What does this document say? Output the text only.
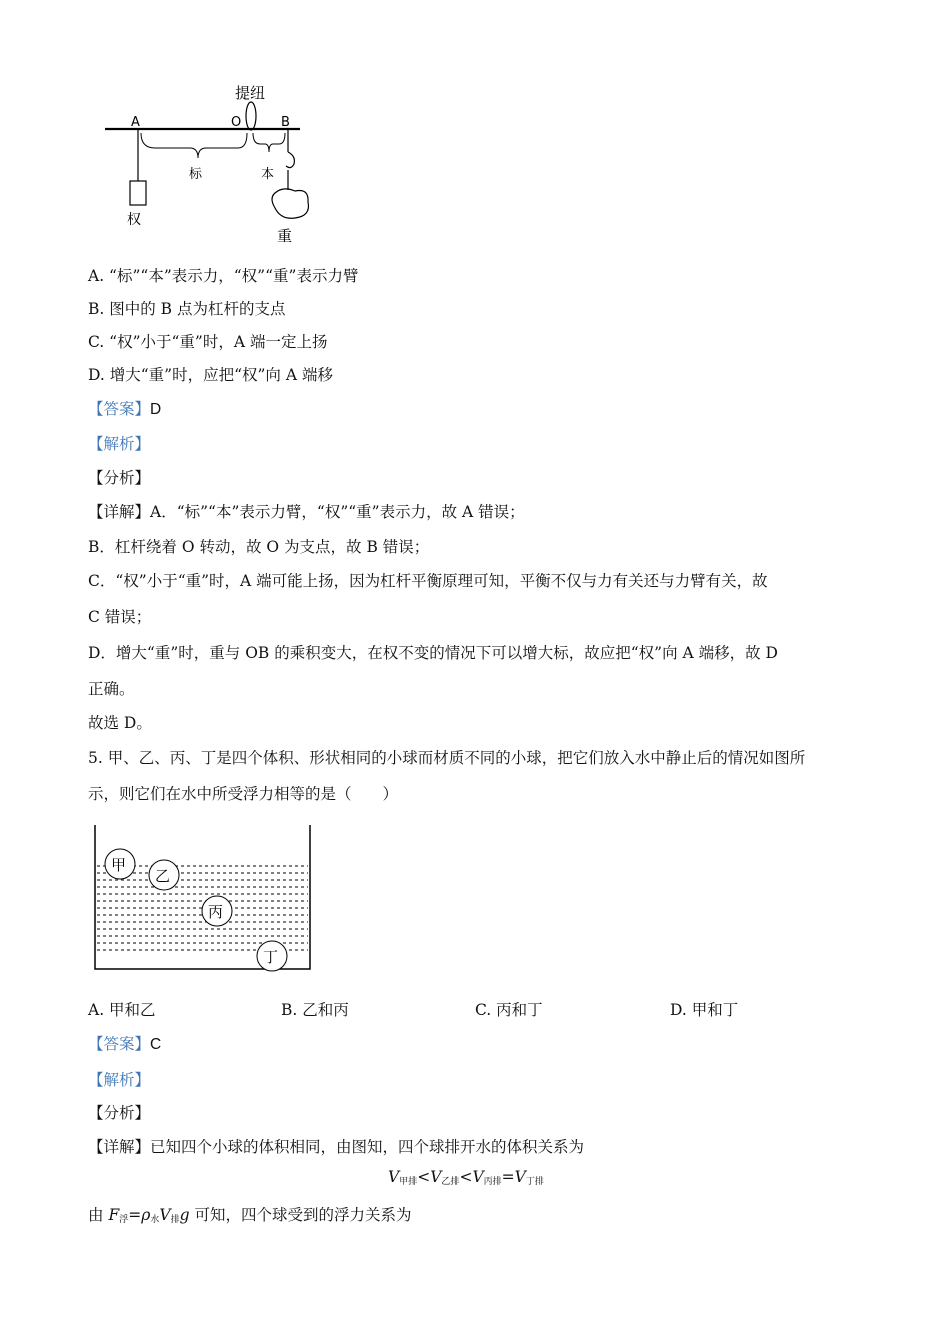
提纽
A	O	B
权
标	本
重
A. “标”“本”表示力，“权”“重”表示力臂
B. 图中的 B 点为杠杆的支点
C. “权”小于“重”时，A 端一定上扬
D. 增大“重”时，应把“权”向 A 端移
【答案】D
【解析】
【分析】
【详解】A．“标”“本”表示力臂，“权”“重”表示力，故 A 错误；
B．杠杆绕着 O 转动，故 O 为支点，故 B 错误；
C．“权”小于“重”时，A 端可能上扬，因为杠杆平衡原理可知，平衡不仅与力有关还与力臂有关，故
C 错误；
D．增大“重”时，重与 OB 的乘积变大，在权不变的情况下可以增大标，故应把“权”向 A 端移，故 D
正确。
故选 D。
5. 甲、乙、丙、丁是四个体积、形状相同的小球而材质不同的小球，把它们放入水中静止后的情况如图所
示，则它们在水中所受浮力相等的是（　　）
甲
乙
丙
丁
A. 甲和乙	B. 乙和丙	C. 丙和丁	D. 甲和丁
【答案】C
【解析】
【分析】
【详解】已知四个小球的体积相同，由图知，四个球排开水的体积关系为
$V_{甲排}<V_{乙排}<V_{丙排}=V_{丁排}$
由 $F_浮=\rho_水V_排g$ 可知，四个球受到的浮力关系为
